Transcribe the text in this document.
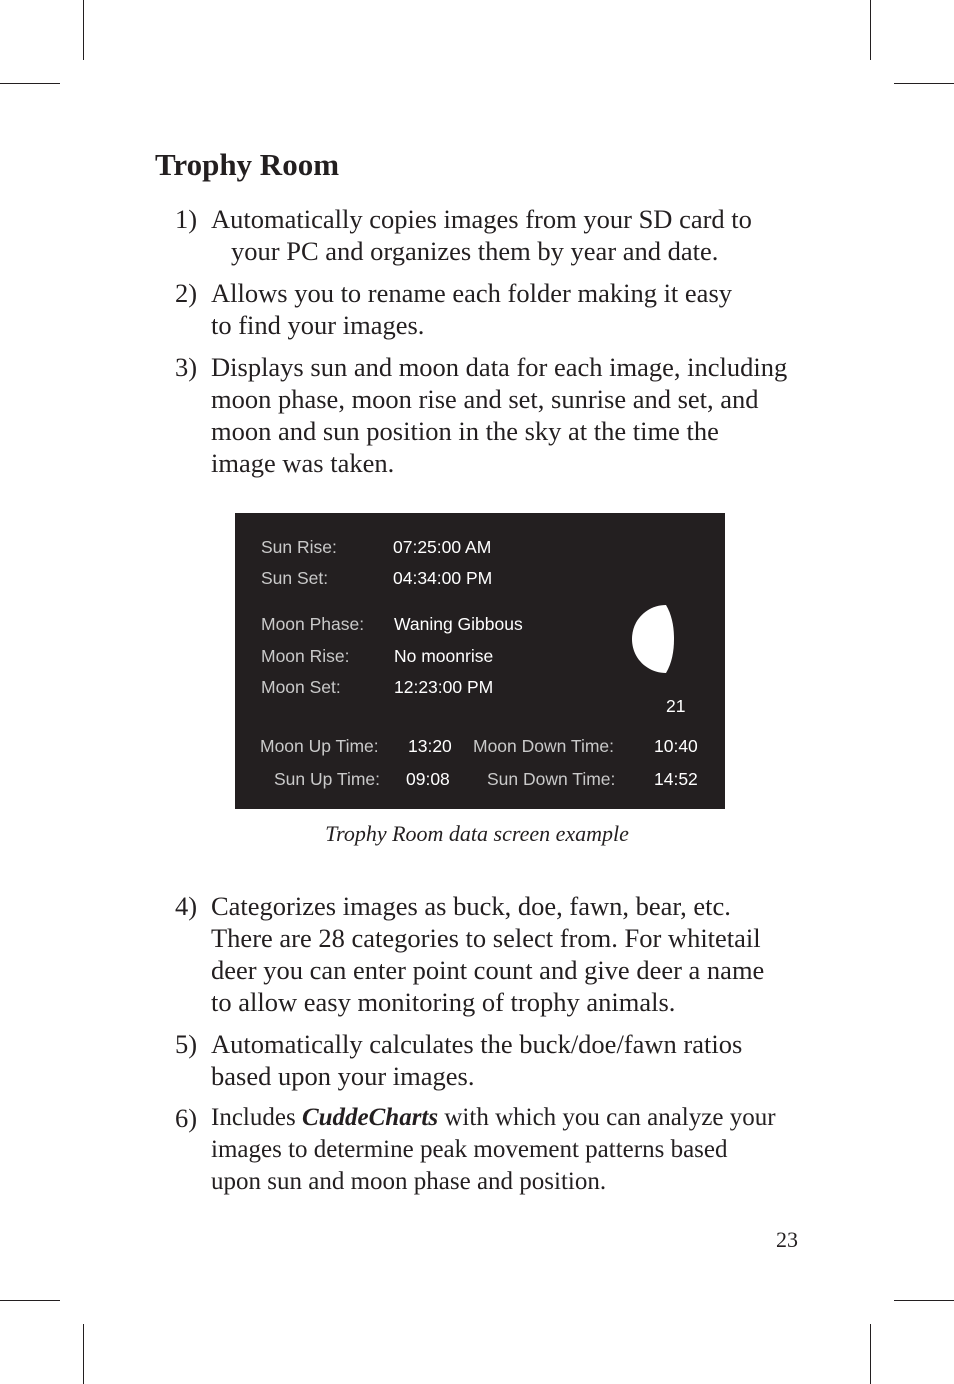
Trophy Room
1) Automatically copies images from your SD card to
your PC and organizes them by year and date.
2) Allows you to rename each folder making it easy
to find your images.
3) Displays sun and moon data for each image, including
moon phase, moon rise and set, sunrise and set, and
moon and sun position in the sky at the time the
image was taken.
Sun Rise:	07:25:00 AM
Sun Set:	04:34:00 PM
Moon Phase: Waning Gibbous
Moon Rise:	No moonrise
Moon Set:	12:23:00 PM
21
Moon Up Time: 13:20 Moon Down Time: 10:40
Sun Up Time: 09:08 Sun Down Time: 14:52
Trophy Room data screen example
4) Categorizes images as buck, doe, fawn, bear, etc.
There are 28 categories to select from. For whitetail
deer you can enter point count and give deer a name
to allow easy monitoring of trophy animals.
5) Automatically calculates the buck/doe/fawn ratios
based upon your images.
6) Includes CuddeCharts with which you can analyze your
images to determine peak movement patterns based
upon sun and moon phase and position.
23
